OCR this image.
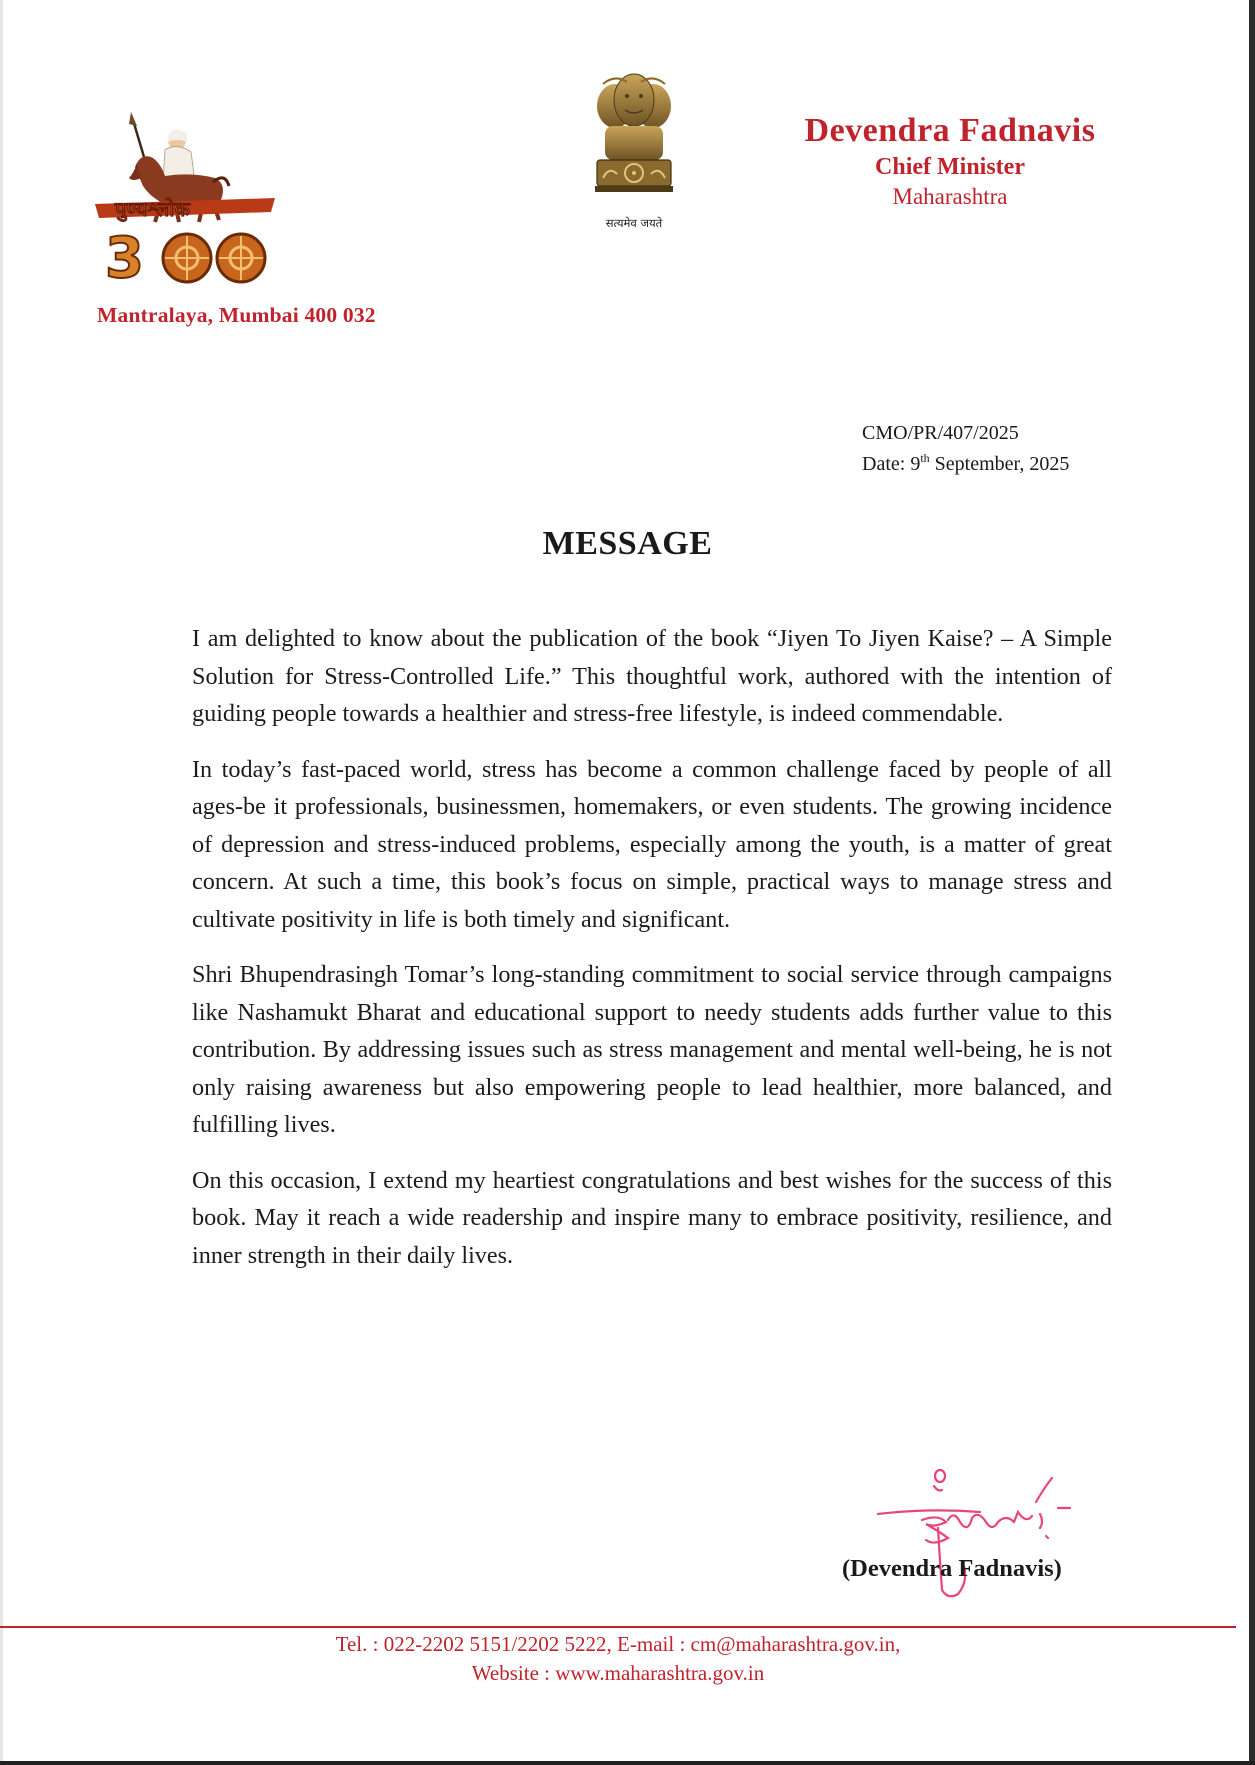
पुण्यश्लोक
3
Mantralaya, Mumbai 400 032
सत्यमेव जयते
Devendra Fadnavis
Chief Minister
Maharashtra
CMO/PR/407/2025
Date: 9th September, 2025
MESSAGE

I am delighted to know about the publication of the book “Jiyen To Jiyen Kaise? – A Simple Solution for Stress-Controlled Life.” This thoughtful work, authored with the intention of guiding people towards a healthier and stress-free lifestyle, is indeed commendable.

In today’s fast-paced world, stress has become a common challenge faced by people of all ages-be it professionals, businessmen, homemakers, or even students. The growing incidence of depression and stress-induced problems, especially among the youth, is a matter of great concern. At such a time, this book’s focus on simple, practical ways to manage stress and cultivate positivity in life is both timely and significant.

Shri Bhupendrasingh Tomar’s long-standing commitment to social service through campaigns like Nashamukt Bharat and educational support to needy students adds further value to this contribution. By addressing issues such as stress management and mental well-being, he is not only raising awareness but also empowering people to lead healthier, more balanced, and fulfilling lives.

On this occasion, I extend my heartiest congratulations and best wishes for the success of this book. May it reach a wide readership and inspire many to embrace positivity, resilience, and inner strength in their daily lives.

(Devendra Fadnavis)
Tel. : 022-2202 5151/2202 5222, E-mail : cm@maharashtra.gov.in,
Website : www.maharashtra.gov.in
